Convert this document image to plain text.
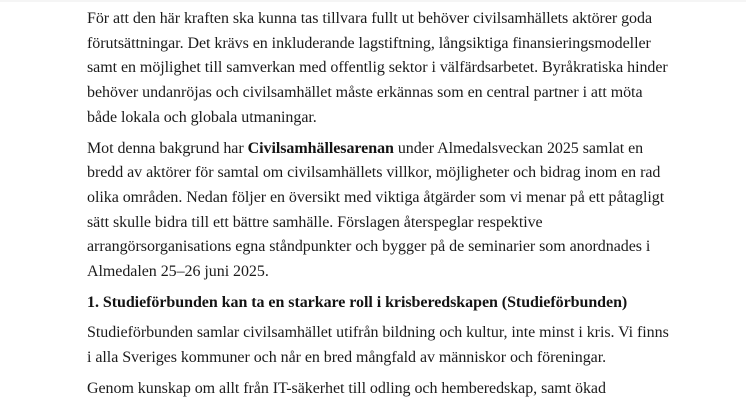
För att den här kraften ska kunna tas tillvara fullt ut behöver civilsamhällets aktörer goda förutsättningar. Det krävs en inkluderande lagstiftning, långsiktiga finansieringsmodeller samt en möjlighet till samverkan med offentlig sektor i välfärdsarbetet. Byråkratiska hinder behöver undanröjas och civilsamhället måste erkännas som en central partner i att möta både lokala och globala utmaningar.

Mot denna bakgrund har Civilsamhällesarenan under Almedalsveckan 2025 samlat en bredd av aktörer för samtal om civilsamhällets villkor, möjligheter och bidrag inom en rad olika områden. Nedan följer en översikt med viktiga åtgärder som vi menar på ett påtagligt sätt skulle bidra till ett bättre samhälle. Förslagen återspeglar respektive arrangörsorganisations egna ståndpunkter och bygger på de seminarier som anordnades i Almedalen 25–26 juni 2025.

1. Studieförbunden kan ta en starkare roll i krisberedskapen (Studieförbunden)

Studieförbunden samlar civilsamhället utifrån bildning och kultur, inte minst i kris. Vi finns i alla Sveriges kommuner och når en bred mångfald av människor och föreningar.

Genom kunskap om allt från IT-säkerhet till odling och hemberedskap, samt ökad
